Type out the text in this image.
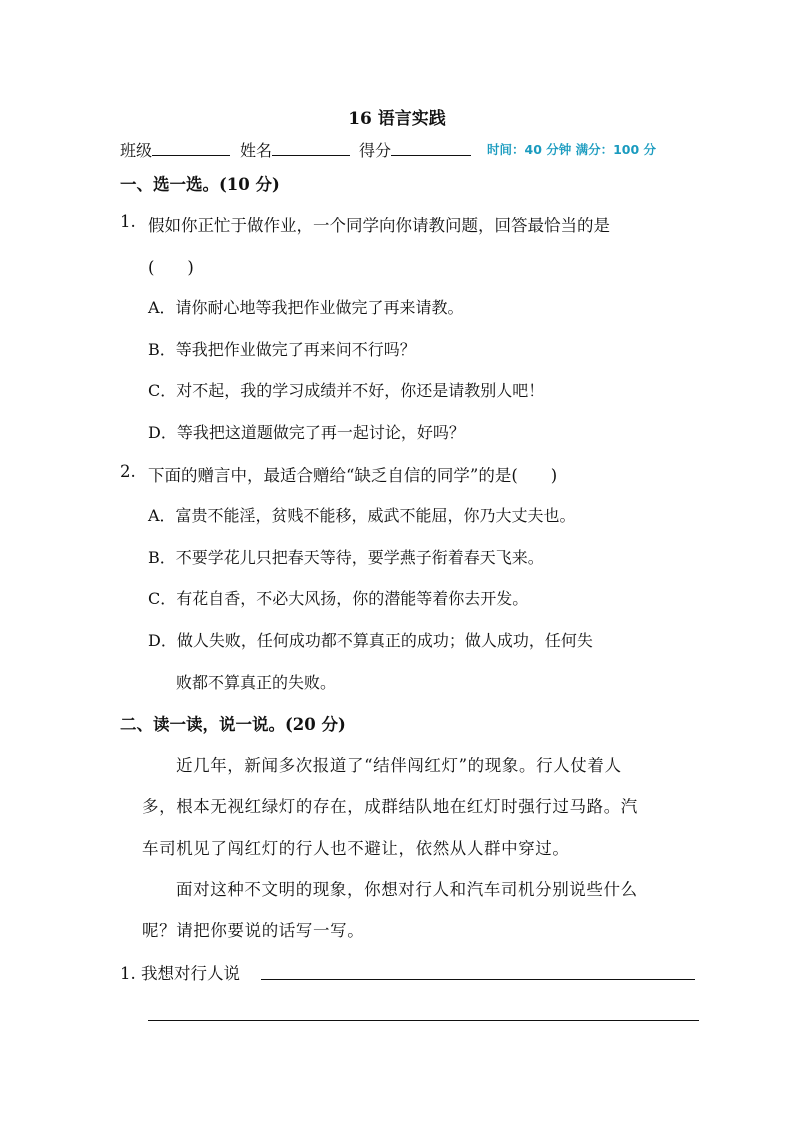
16 语言实践
班级	姓名	得分	时间：40 分钟 满分：100 分
一、选一选。(10 分)
1. 假如你正忙于做作业，一个同学向你请教问题，回答最恰当的是
(　　)
A．请你耐心地等我把作业做完了再来请教。
B．等我把作业做完了再来问不行吗？
C．对不起，我的学习成绩并不好，你还是请教别人吧！
D．等我把这道题做完了再一起讨论，好吗？
2. 下面的赠言中，最适合赠给“缺乏自信的同学”的是(　　)
A．富贵不能淫，贫贱不能移，威武不能屈，你乃大丈夫也。
B．不要学花儿只把春天等待，要学燕子衔着春天飞来。
C．有花自香，不必大风扬，你的潜能等着你去开发。
D．做人失败，任何成功都不算真正的成功；做人成功，任何失
败都不算真正的失败。
二、读一读，说一说。(20 分)
近几年，新闻多次报道了“结伴闯红灯”的现象。行人仗着人
多，根本无视红绿灯的存在，成群结队地在红灯时强行过马路。汽
车司机见了闯红灯的行人也不避让，依然从人群中穿过。
面对这种不文明的现象，你想对行人和汽车司机分别说些什么
呢？请把你要说的话写一写。
1. 我想对行人说
